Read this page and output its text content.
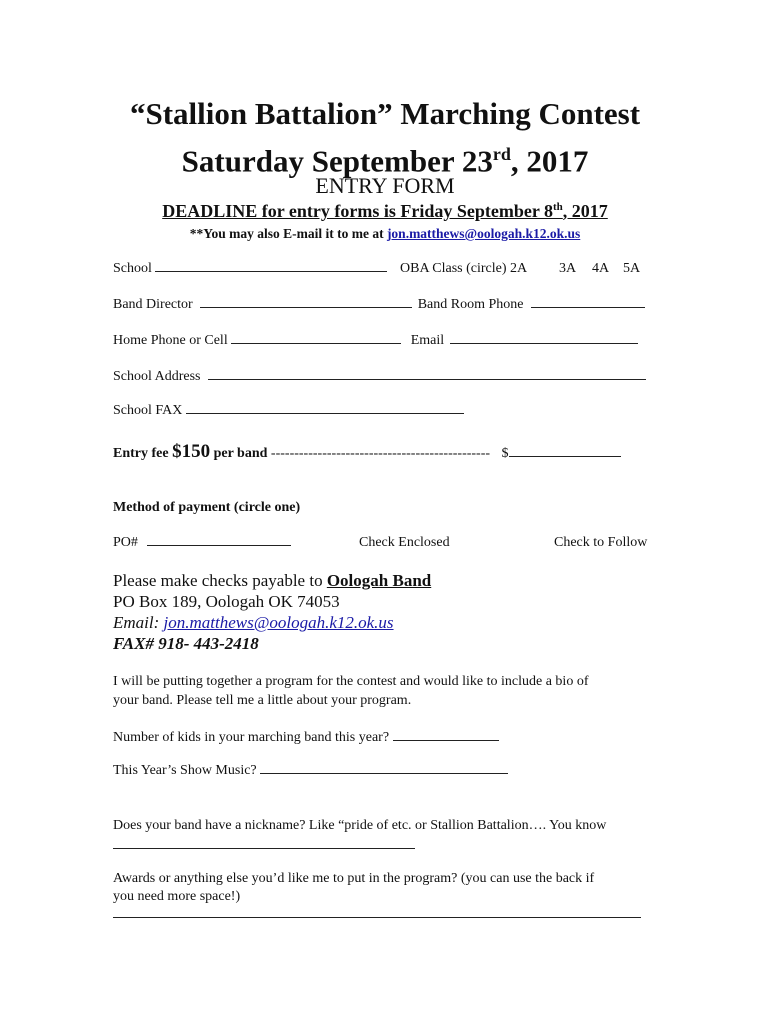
“Stallion Battalion” Marching Contest
Saturday September 23rd, 2017
ENTRY FORM
DEADLINE for entry forms is Friday September 8th, 2017
**You may also E-mail it to me at jon.matthews@oologah.k12.ok.us
School	OBA Class (circle) 2A 3A 4A 5A
Band Director	Band Room Phone
Home Phone or Cell	Email
School Address
School FAX
Entry fee $150 per band ----------------------------------------------- $
Method of payment (circle one)
PO#	Check Enclosed	Check to Follow
Please make checks payable to Oologah Band
PO Box 189, Oologah OK 74053
Email: jon.matthews@oologah.k12.ok.us
FAX# 918- 443-2418
I will be putting together a program for the contest and would like to include a bio of
your band. Please tell me a little about your program.
Number of kids in your marching band this year?
This Year’s Show Music?
Does your band have a nickname? Like “pride of etc. or Stallion Battalion…. You know
Awards or anything else you’d like me to put in the program? (you can use the back if
you need more space!)
